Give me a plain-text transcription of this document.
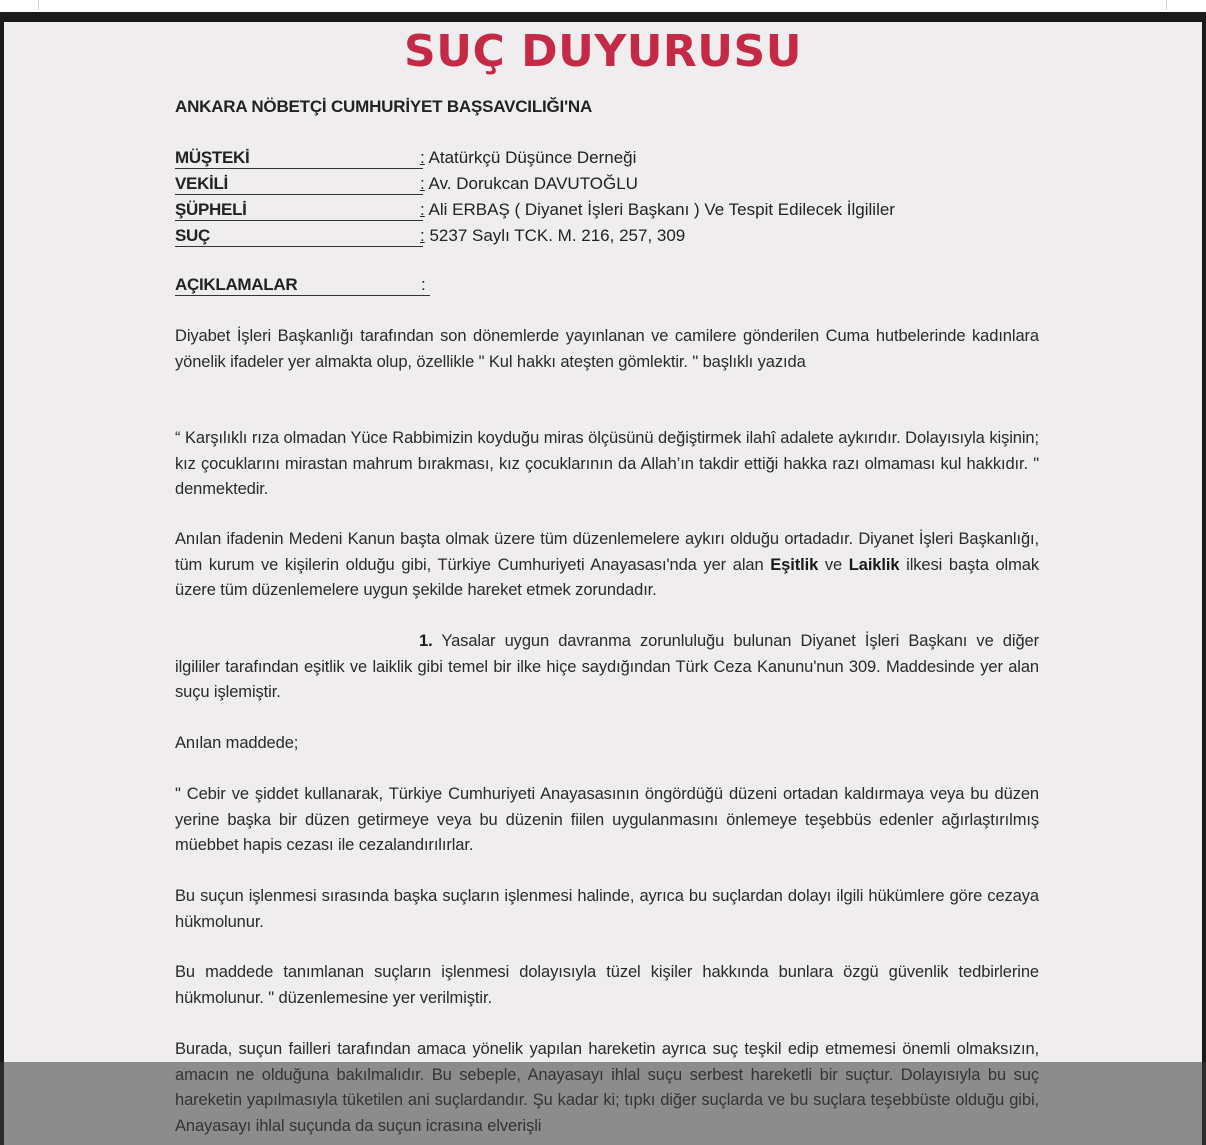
SUÇ DUYURUSU
ANKARA NÖBETÇİ CUMHURİYET BAŞSAVCILIĞI'NA
MÜŞTEKİ	: Atatürkçü Düşünce Derneği
VEKİLİ	: Av. Dorukcan DAVUTOĞLU
ŞÜPHELİ	: Ali ERBAŞ ( Diyanet İşleri Başkanı ) Ve Tespit Edilecek İlgililer
SUÇ	: 5237 Saylı TCK. M. 216, 257, 309
AÇIKLAMALAR	:

Diyabet İşleri Başkanlığı tarafından son dönemlerde yayınlanan ve camilere gönderilen Cuma hutbelerinde kadınlara yönelik ifadeler yer almakta olup, özellikle " Kul hakkı ateşten gömlektir. " başlıklı yazıda

“ Karşılıklı rıza olmadan Yüce Rabbimizin koyduğu miras ölçüsünü değiştirmek ilahî adalete aykırıdır. Dolayısıyla kişinin; kız çocuklarını mirastan mahrum bırakması, kız çocuklarının da Allah’ın takdir ettiği hakka razı olmaması kul hakkıdır. " denmektedir.

Anılan ifadenin Medeni Kanun başta olmak üzere tüm düzenlemelere aykırı olduğu ortadadır. Diyanet İşleri Başkanlığı, tüm kurum ve kişilerin olduğu gibi, Türkiye Cumhuriyeti Anayasası'nda yer alan Eşitlik ve Laiklik ilkesi başta olmak üzere tüm düzenlemelere uygun şekilde hareket etmek zorundadır.

1. Yasalar uygun davranma zorunluluğu bulunan Diyanet İşleri Başkanı ve diğer ilgililer tarafından eşitlik ve laiklik gibi temel bir ilke hiçe saydığından Türk Ceza Kanunu'nun 309. Maddesinde yer alan suçu işlemiştir.

Anılan maddede;

" Cebir ve şiddet kullanarak, Türkiye Cumhuriyeti Anayasasının öngördüğü düzeni ortadan kaldırmaya veya bu düzen yerine başka bir düzen getirmeye veya bu düzenin fiilen uygulanmasını önlemeye teşebbüs edenler ağırlaştırılmış müebbet hapis cezası ile cezalandırılırlar.

Bu suçun işlenmesi sırasında başka suçların işlenmesi halinde, ayrıca bu suçlardan dolayı ilgili hükümlere göre cezaya hükmolunur.

Bu maddede tanımlanan suçların işlenmesi dolayısıyla tüzel kişiler hakkında bunlara özgü güvenlik tedbirlerine hükmolunur. " düzenlemesine yer verilmiştir.

Burada, suçun failleri tarafından amaca yönelik yapılan hareketin ayrıca suç teşkil edip etmemesi önemli olmaksızın,
